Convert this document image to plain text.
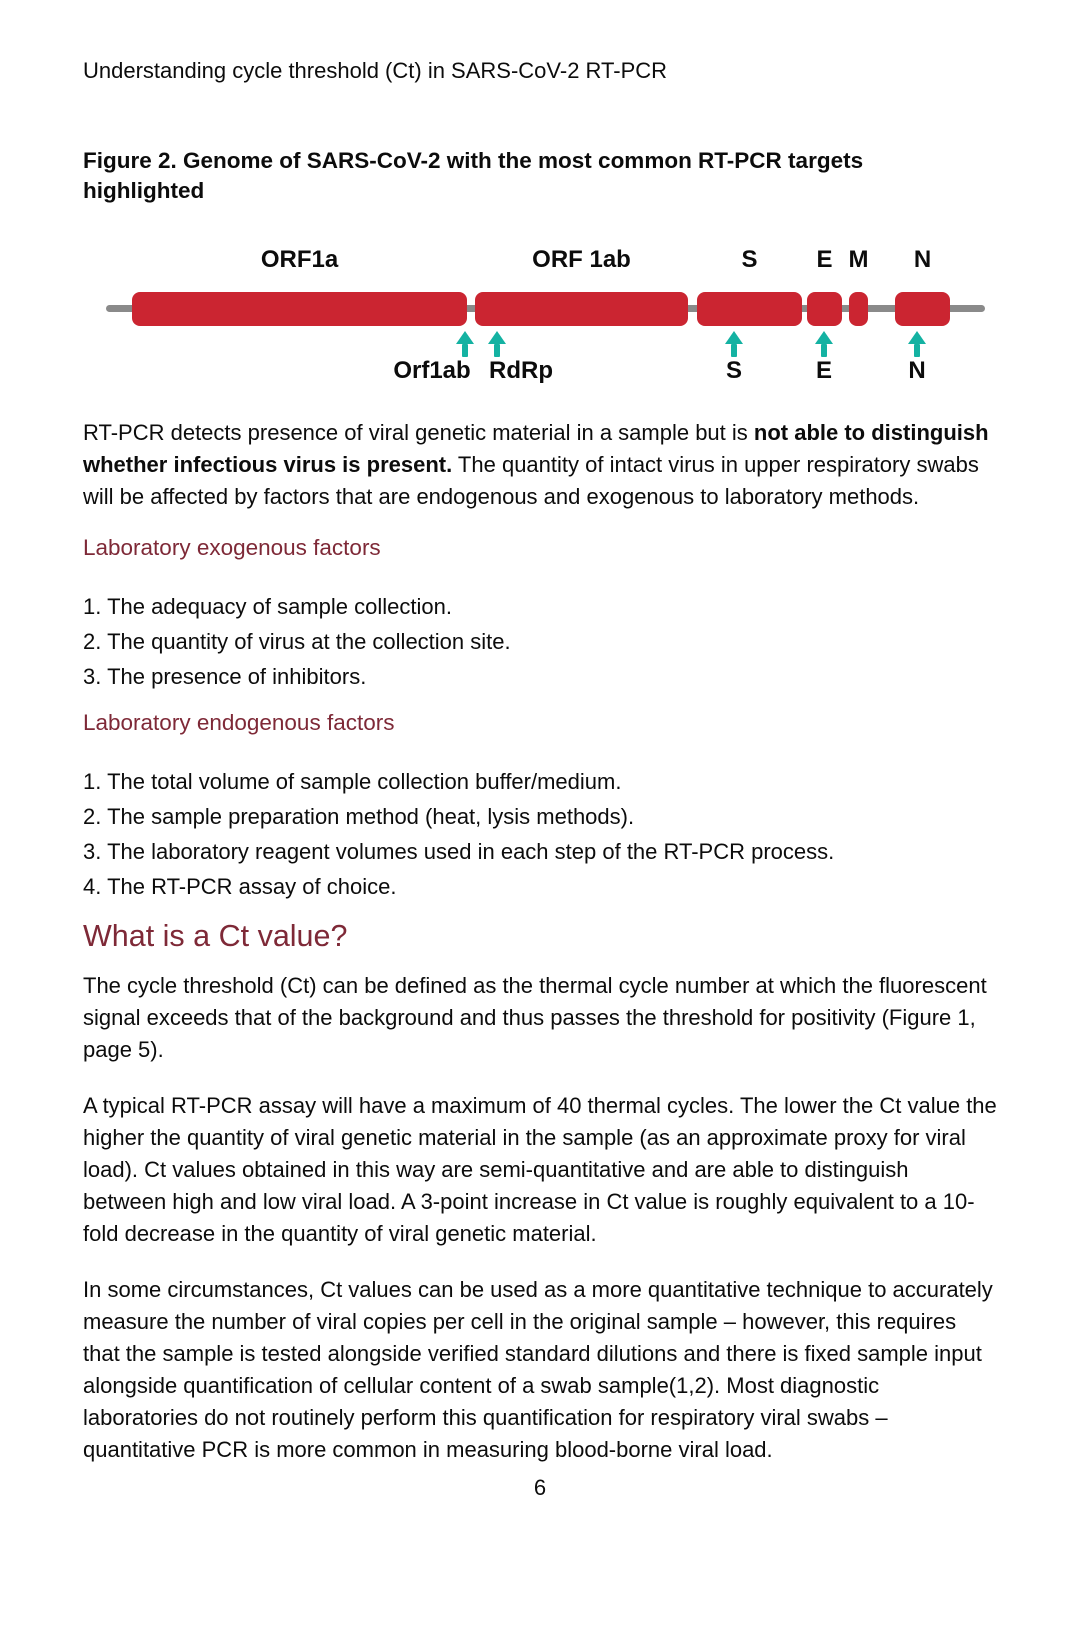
Understanding cycle threshold (Ct) in SARS-CoV-2 RT-PCR
Figure 2. Genome of SARS-CoV-2 with the most common RT-PCR targets highlighted
ORF1a	ORF 1ab	S E M N
Orf1ab RdRp	S	E	N

RT-PCR detects presence of viral genetic material in a sample but is not able to distinguish whether infectious virus is present. The quantity of intact virus in upper respiratory swabs will be affected by factors that are endogenous and exogenous to laboratory methods.

Laboratory exogenous factors
1. The adequacy of sample collection.
2. The quantity of virus at the collection site.
3. The presence of inhibitors.
Laboratory endogenous factors
1. The total volume of sample collection buffer/medium.
2. The sample preparation method (heat, lysis methods).
3. The laboratory reagent volumes used in each step of the RT-PCR process.
4. The RT-PCR assay of choice.
What is a Ct value?
The cycle threshold (Ct) can be defined as the thermal cycle number at which the fluorescent signal exceeds that of the background and thus passes the threshold for positivity (Figure 1, page 5).
A typical RT-PCR assay will have a maximum of 40 thermal cycles. The lower the Ct value the higher the quantity of viral genetic material in the sample (as an approximate proxy for viral load). Ct values obtained in this way are semi-quantitative and are able to distinguish between high and low viral load. A 3-point increase in Ct value is roughly equivalent to a 10-fold decrease in the quantity of viral genetic material.
In some circumstances, Ct values can be used as a more quantitative technique to accurately measure the number of viral copies per cell in the original sample – however, this requires that the sample is tested alongside verified standard dilutions and there is fixed sample input alongside quantification of cellular content of a swab sample(1,2). Most diagnostic laboratories do not routinely perform this quantification for respiratory viral swabs – quantitative PCR is more common in measuring blood-borne viral load.
6
